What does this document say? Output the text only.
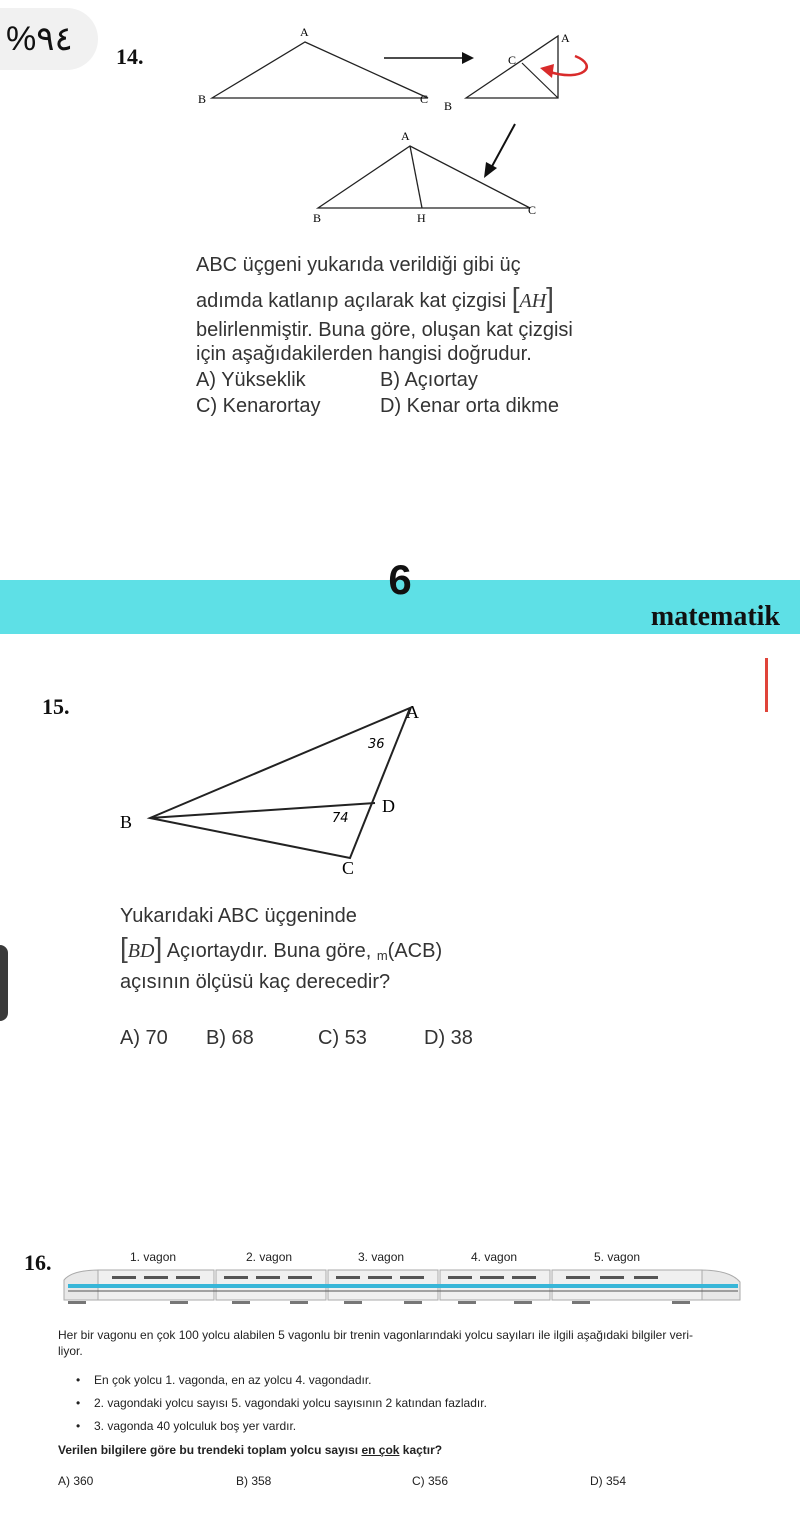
%٩٤	14.
A
B	C
A
B
C
A
B	H
C
ABC üçgeni yukarıda verildiği gibi üç
adımda katlanıp açılarak kat çizgisi [AH]
belirlenmiştir. Buna göre, oluşan kat çizgisi
için aşağıdakilerden hangisi doğrudur.
A) Yükseklik	B) Açıortay
C) Kenarortay	D) Kenar orta dikme
6
matematik
15.	A
B
C
D
36
74
Yukarıdaki ABC üçgeninde
[BD] Açıortaydır. Buna göre, m(ACB)
açısının ölçüsü kaç derecedir?
A) 70 B) 68	C) 53	D) 38
16.	1. vagon	2. vagon	3. vagon	4. vagon	5. vagon
Her bir vagonu en çok 100 yolcu alabilen 5 vagonlu bir trenin vagonlarındaki yolcu sayıları ile ilgili aşağıdaki bilgiler veri-
liyor.
• En çok yolcu 1. vagonda, en az yolcu 4. vagondadır.
• 2. vagondaki yolcu sayısı 5. vagondaki yolcu sayısının 2 katından fazladır.
• 3. vagonda 40 yolculuk boş yer vardır.
Verilen bilgilere göre bu trendeki toplam yolcu sayısı en çok kaçtır?
A) 360	B) 358	C) 356	D) 354
